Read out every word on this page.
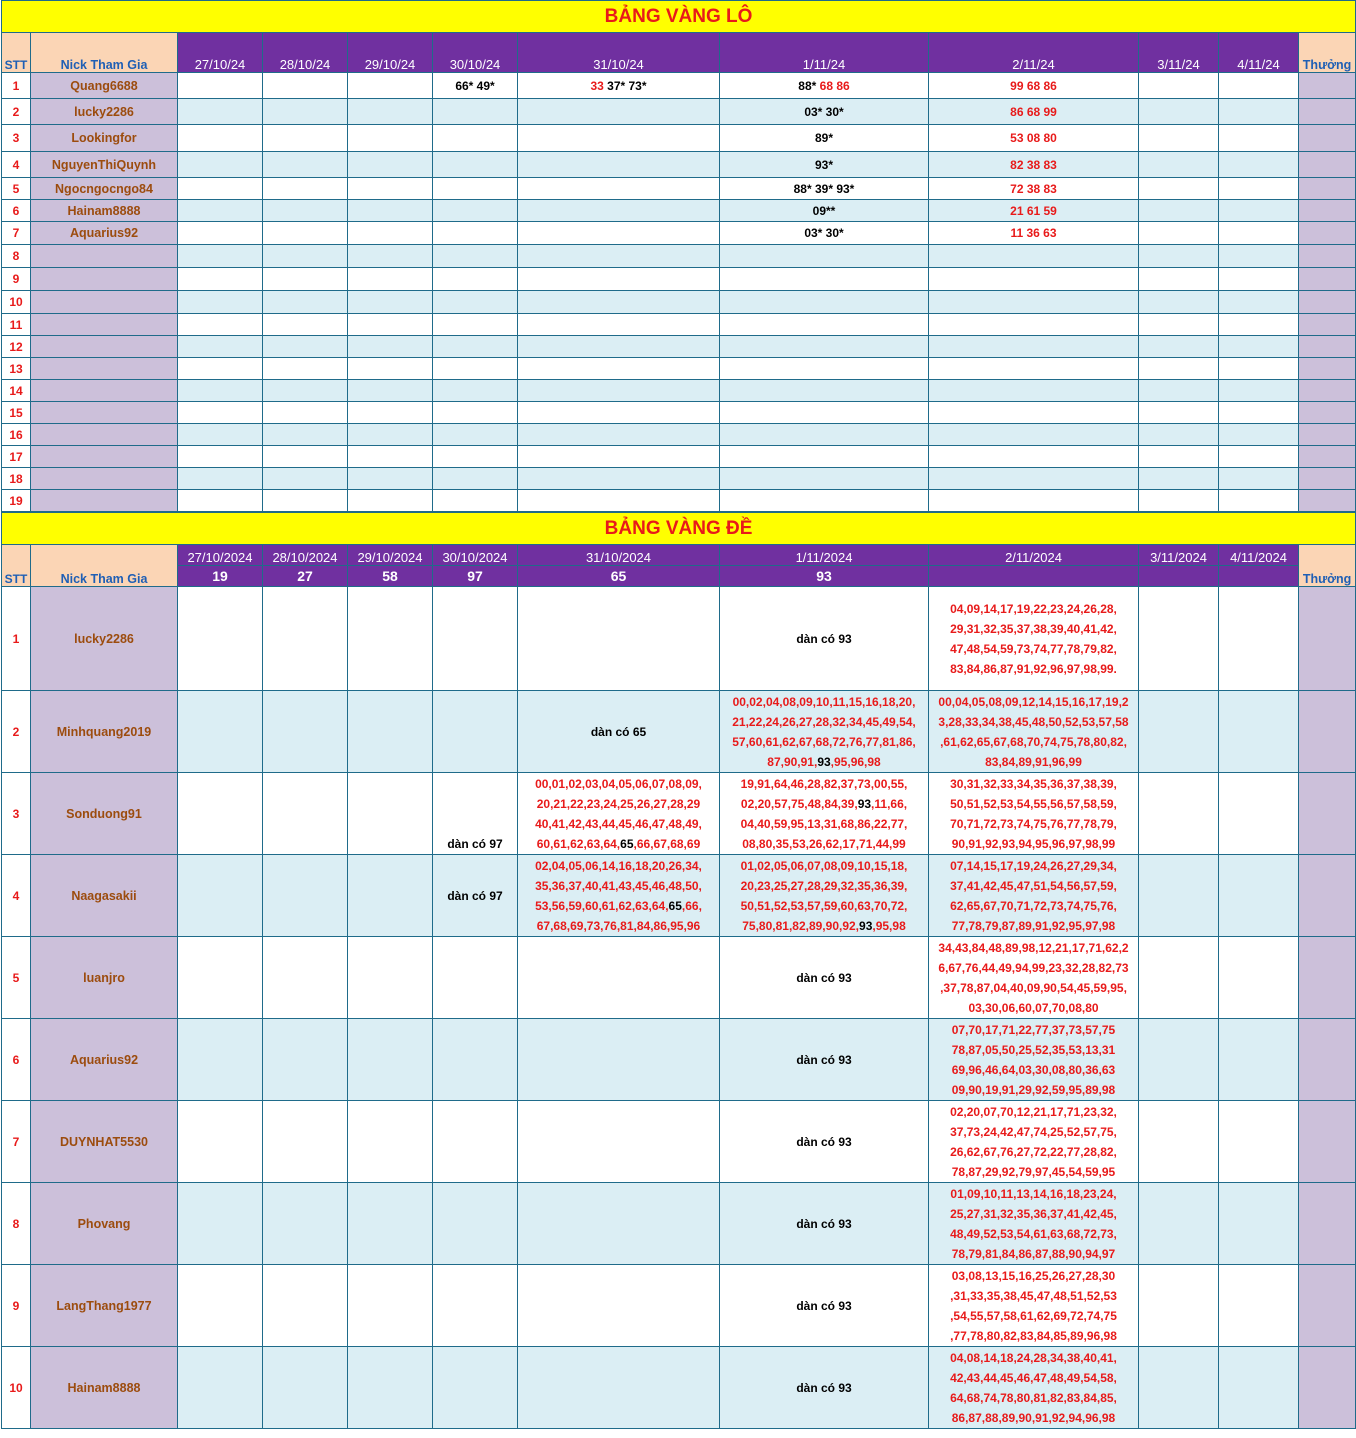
BẢNG VÀNG LÔ											
STT	Nick Tham Gia	27/10/24	28/10/24	29/10/24	30/10/24	31/10/24	1/11/24	2/11/24	3/11/24	4/11/24	Thưởng
1	Quang6688				66* 49*	33 37* 73*	88* 68 86	99 68 86			
2	lucky2286						03* 30*	86 68 99			
3	Lookingfor						89*	53 08 80			
4	NguyenThiQuynh						93*	82 38 83			
5	Ngocngocngo84						88* 39* 93*	72 38 83			
6	Hainam8888						09**	21 61 59			
7	Aquarius92						03* 30*	11 36 63			
8											
9											
10											
11											
12											
13											
14											
15											
16											
17											
18											
19											
BẢNG VÀNG ĐỀ											
STT	Nick Tham Gia	27/10/2024	28/10/2024	29/10/2024	30/10/2024	31/10/2024	1/11/2024	2/11/2024	3/11/2024	4/11/2024	Thưởng
		19	27	58	97	65	93				
1	lucky2286						dàn có 93	04,09,14,17,19,22,23,24,26,28,
29,31,32,35,37,38,39,40,41,42,
47,48,54,59,73,74,77,78,79,82,
83,84,86,87,91,92,96,97,98,99.			
2	Minhquang2019					dàn có 65	00,02,04,08,09,10,11,15,16,18,20,
21,22,24,26,27,28,32,34,45,49,54,
57,60,61,62,67,68,72,76,77,81,86,
87,90,91,93,95,96,98	00,04,05,08,09,12,14,15,16,17,19,2
3,28,33,34,38,45,48,50,52,53,57,58
,61,62,65,67,68,70,74,75,78,80,82,
83,84,89,91,96,99			
3	Sonduong91				dàn có 97	00,01,02,03,04,05,06,07,08,09,
20,21,22,23,24,25,26,27,28,29
40,41,42,43,44,45,46,47,48,49,
60,61,62,63,64,65,66,67,68,69	19,91,64,46,28,82,37,73,00,55,
02,20,57,75,48,84,39,93,11,66,
04,40,59,95,13,31,68,86,22,77,
08,80,35,53,26,62,17,71,44,99	30,31,32,33,34,35,36,37,38,39,
50,51,52,53,54,55,56,57,58,59,
70,71,72,73,74,75,76,77,78,79,
90,91,92,93,94,95,96,97,98,99			
4	Naagasakii				dàn có 97	02,04,05,06,14,16,18,20,26,34,
35,36,37,40,41,43,45,46,48,50,
53,56,59,60,61,62,63,64,65,66,
67,68,69,73,76,81,84,86,95,96	01,02,05,06,07,08,09,10,15,18,
20,23,25,27,28,29,32,35,36,39,
50,51,52,53,57,59,60,63,70,72,
75,80,81,82,89,90,92,93,95,98	07,14,15,17,19,24,26,27,29,34,
37,41,42,45,47,51,54,56,57,59,
62,65,67,70,71,72,73,74,75,76,
77,78,79,87,89,91,92,95,97,98			
5	luanjro						dàn có 93	34,43,84,48,89,98,12,21,17,71,62,2
6,67,76,44,49,94,99,23,32,28,82,73
,37,78,87,04,40,09,90,54,45,59,95,
03,30,06,60,07,70,08,80			
6	Aquarius92						dàn có 93	07,70,17,71,22,77,37,73,57,75
78,87,05,50,25,52,35,53,13,31
69,96,46,64,03,30,08,80,36,63
09,90,19,91,29,92,59,95,89,98			
7	DUYNHAT5530						dàn có 93	02,20,07,70,12,21,17,71,23,32,
37,73,24,42,47,74,25,52,57,75,
26,62,67,76,27,72,22,77,28,82,
78,87,29,92,79,97,45,54,59,95			
8	Phovang						dàn có 93	01,09,10,11,13,14,16,18,23,24,
25,27,31,32,35,36,37,41,42,45,
48,49,52,53,54,61,63,68,72,73,
78,79,81,84,86,87,88,90,94,97			
9	LangThang1977						dàn có 93	03,08,13,15,16,25,26,27,28,30
,31,33,35,38,45,47,48,51,52,53
,54,55,57,58,61,62,69,72,74,75
,77,78,80,82,83,84,85,89,96,98			
10	Hainam8888						dàn có 93	04,08,14,18,24,28,34,38,40,41,
42,43,44,45,46,47,48,49,54,58,
64,68,74,78,80,81,82,83,84,85,
86,87,88,89,90,91,92,94,96,98			
